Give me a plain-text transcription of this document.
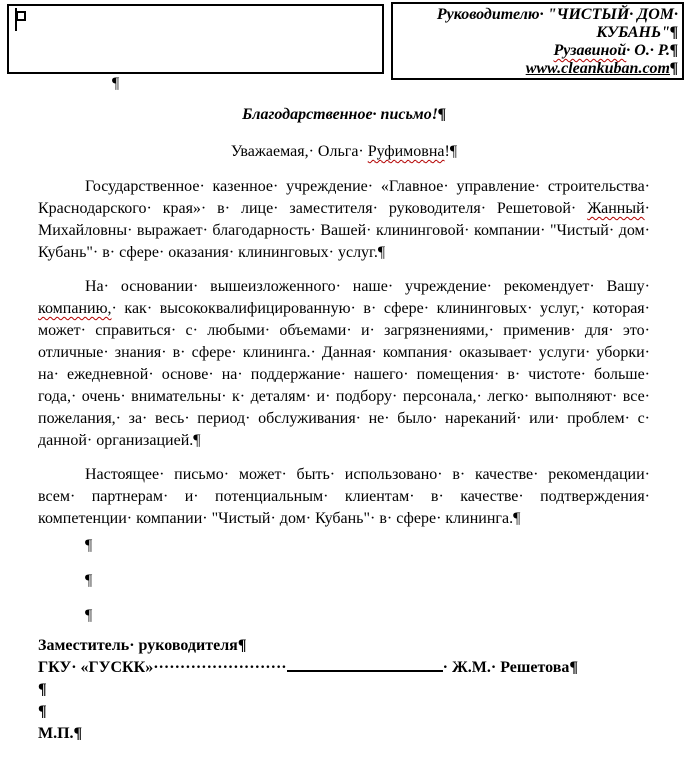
Руководителю· "ЧИСТЫЙ· ДОМ· КУБАНЬ"¶
Рузавиной· О.· Р.¶
www.cleankuban.com¶
¶

Благодарственное· письмо!¶

Уважаемая,· Ольга· Руфимовна!¶

Государственное· казенное· учреждение· «Главное· управление· строительства· Краснодарского· края»· в· лице· заместителя· руководителя· Решетовой· Жанный· Михайловны· выражает· благодарность· Вашей· клининговой· компании· "Чистый· дом· Кубань"· в· сфере· оказания· клининговых· услуг.¶

На· основании· вышеизложенного· наше· учреждение· рекомендует· Вашу· компанию,· как· высококвалифицированную· в· сфере· клининговых· услуг,· которая· может· справиться· с· любыми· объемами· и· загрязнениями,· применив· для· это· отличные· знания· в· сфере· клининга.· Данная· компания· оказывает· услуги· уборки· на· ежедневной· основе· на· поддержание· нашего· помещения· в· чистоте· больше· года,· очень· внимательны· к· деталям· и· подбору· персонала,· легко· выполняют· все· пожелания,· за· весь· период· обслуживания· не· было· нареканий· или· проблем· с· данной· организацией.¶

Настоящее· письмо· может· быть· использовано· в· качестве· рекомендации· всем· партнерам· и· потенциальным· клиентам· в· качестве· подтверждения· компетенции· компании· "Чистый· дом· Кубань"· в· сфере· клининга.¶

¶
¶
¶
Заместитель· руководителя¶
ГКУ· «ГУСКК»·························	· Ж.М.· Решетова¶
¶
¶
М.П.¶
